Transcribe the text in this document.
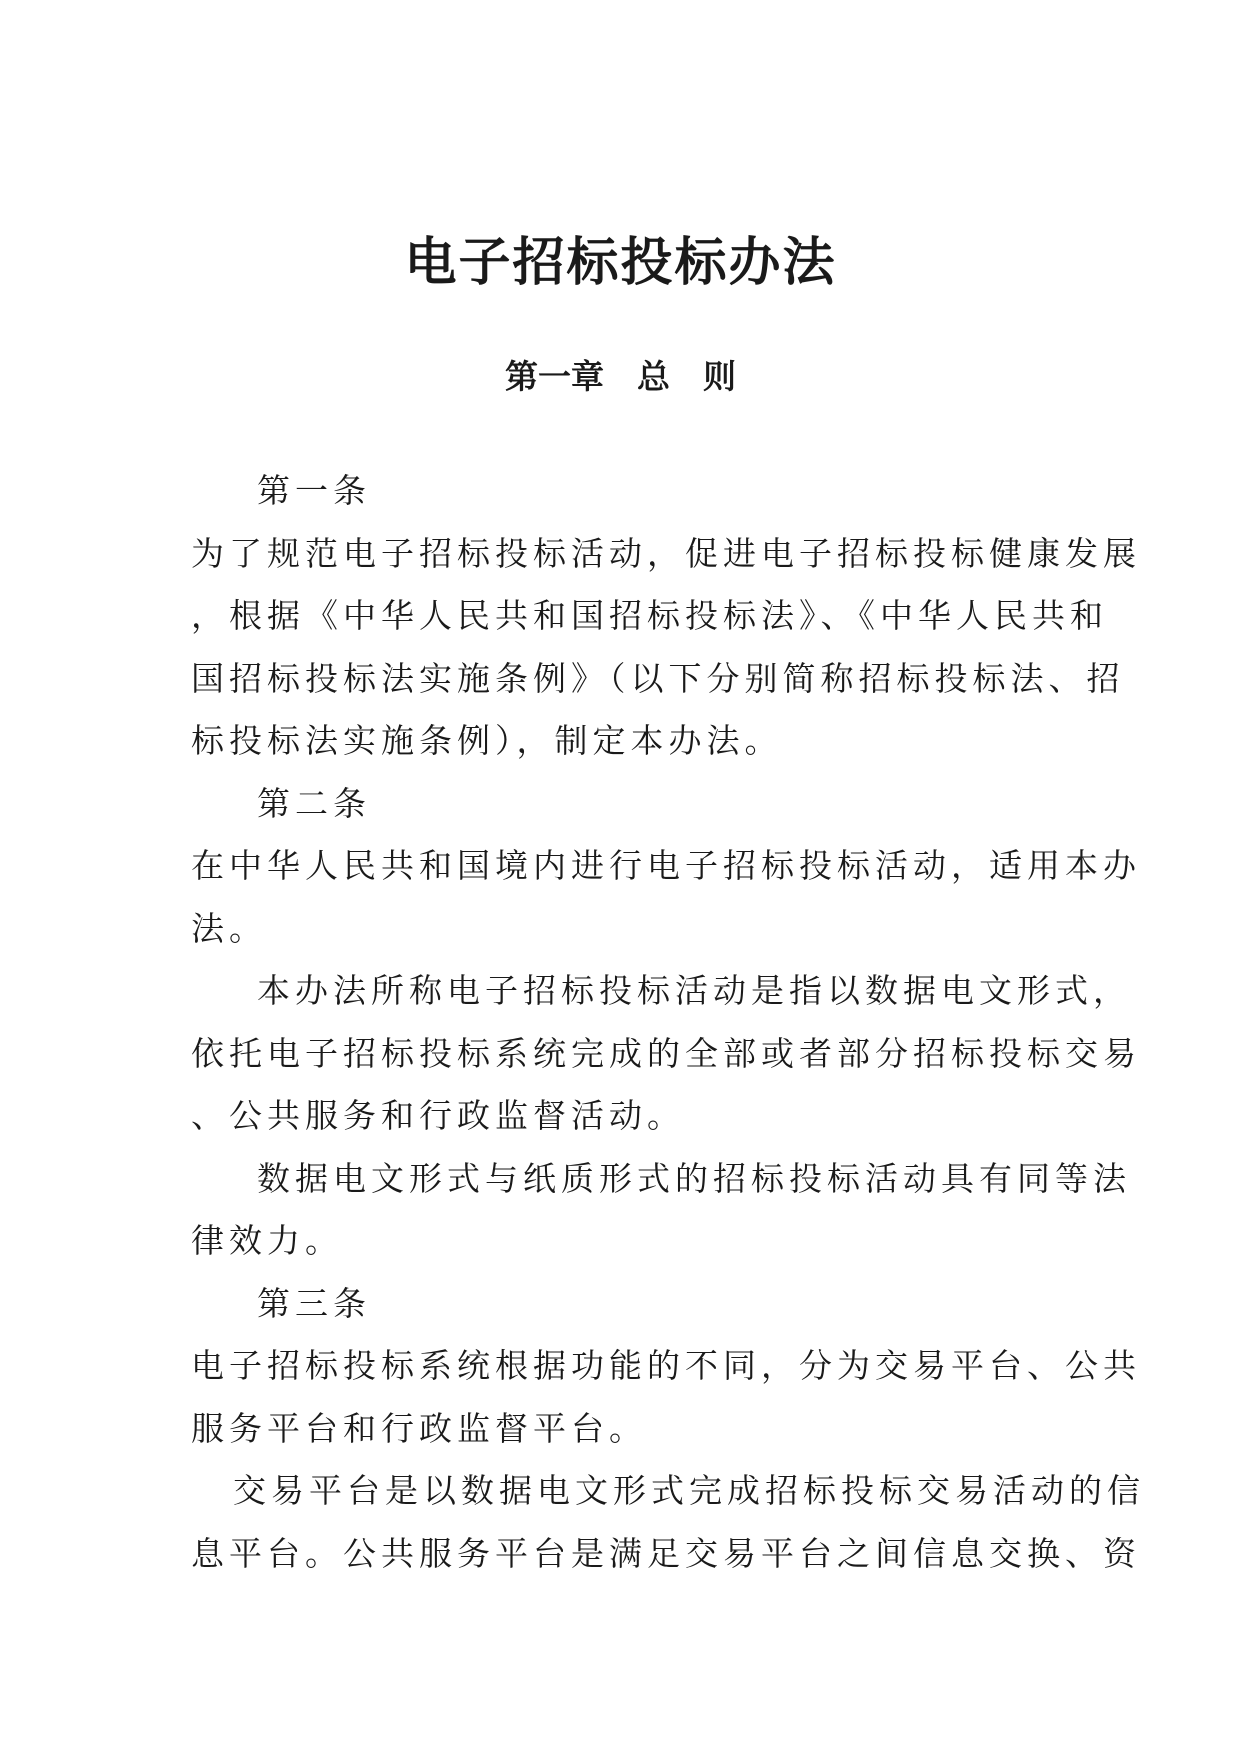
电子招标投标办法
第一章　总　则
第一条
为了规范电子招标投标活动，促进电子招标投标健康发展
，根据《中华人民共和国招标投标法》、《中华人民共和
国招标投标法实施条例》（以下分别简称招标投标法、招
标投标法实施条例），制定本办法。
第二条
在中华人民共和国境内进行电子招标投标活动，适用本办
法。
本办法所称电子招标投标活动是指以数据电文形式，
依托电子招标投标系统完成的全部或者部分招标投标交易
、公共服务和行政监督活动。
数据电文形式与纸质形式的招标投标活动具有同等法
律效力。
第三条
电子招标投标系统根据功能的不同，分为交易平台、公共
服务平台和行政监督平台。
交易平台是以数据电文形式完成招标投标交易活动的信
息平台。公共服务平台是满足交易平台之间信息交换、资
